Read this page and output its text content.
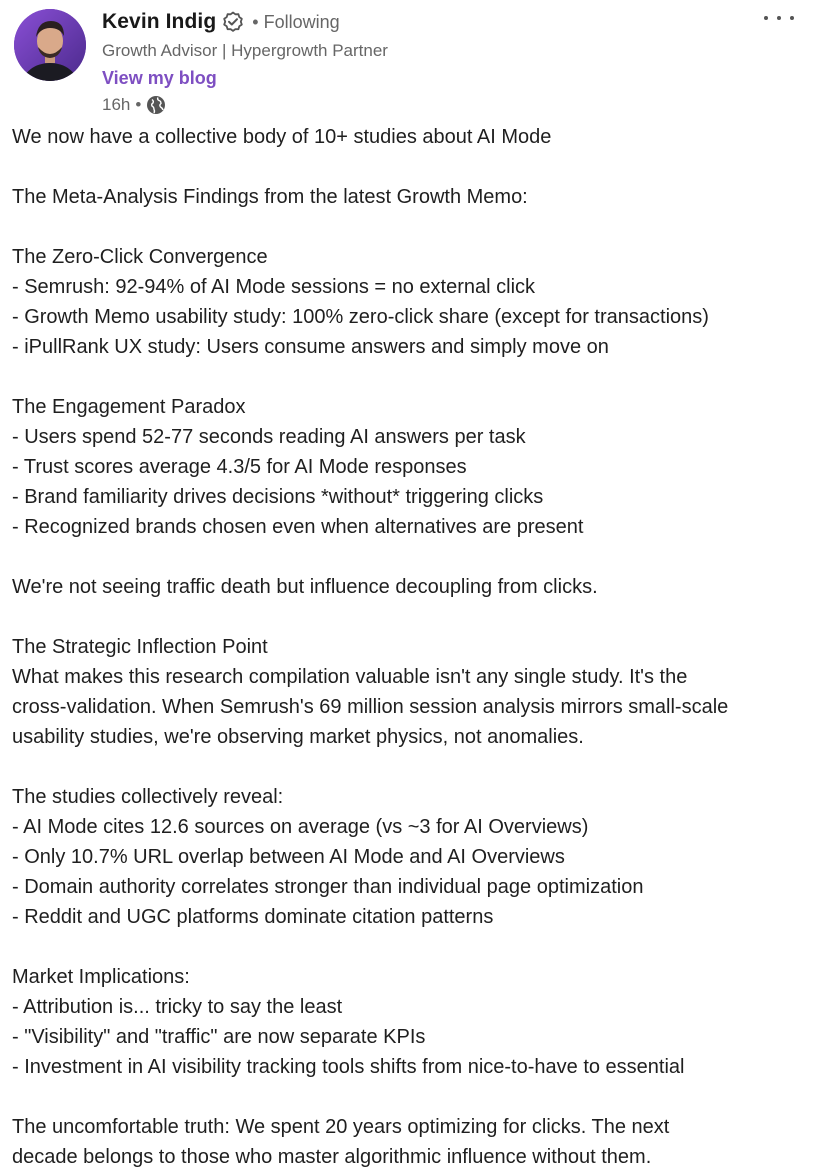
Kevin Indig • Following
Growth Advisor | Hypergrowth Partner
View my blog
16h •
We now have a collective body of 10+ studies about AI Mode
The Meta-Analysis Findings from the latest Growth Memo:
The Zero-Click Convergence
- Semrush: 92-94% of AI Mode sessions = no external click
- Growth Memo usability study: 100% zero-click share (except for transactions)
- iPullRank UX study: Users consume answers and simply move on
The Engagement Paradox
- Users spend 52-77 seconds reading AI answers per task
- Trust scores average 4.3/5 for AI Mode responses
- Brand familiarity drives decisions *without* triggering clicks
- Recognized brands chosen even when alternatives are present
We're not seeing traffic death but influence decoupling from clicks.
The Strategic Inflection Point
What makes this research compilation valuable isn't any single study. It's the
cross-validation. When Semrush's 69 million session analysis mirrors small-scale
usability studies, we're observing market physics, not anomalies.
The studies collectively reveal:
- AI Mode cites 12.6 sources on average (vs ~3 for AI Overviews)
- Only 10.7% URL overlap between AI Mode and AI Overviews
- Domain authority correlates stronger than individual page optimization
- Reddit and UGC platforms dominate citation patterns
Market Implications:
- Attribution is... tricky to say the least
- "Visibility" and "traffic" are now separate KPIs
- Investment in AI visibility tracking tools shifts from nice-to-have to essential
The uncomfortable truth: We spent 20 years optimizing for clicks. The next
decade belongs to those who master algorithmic influence without them.
